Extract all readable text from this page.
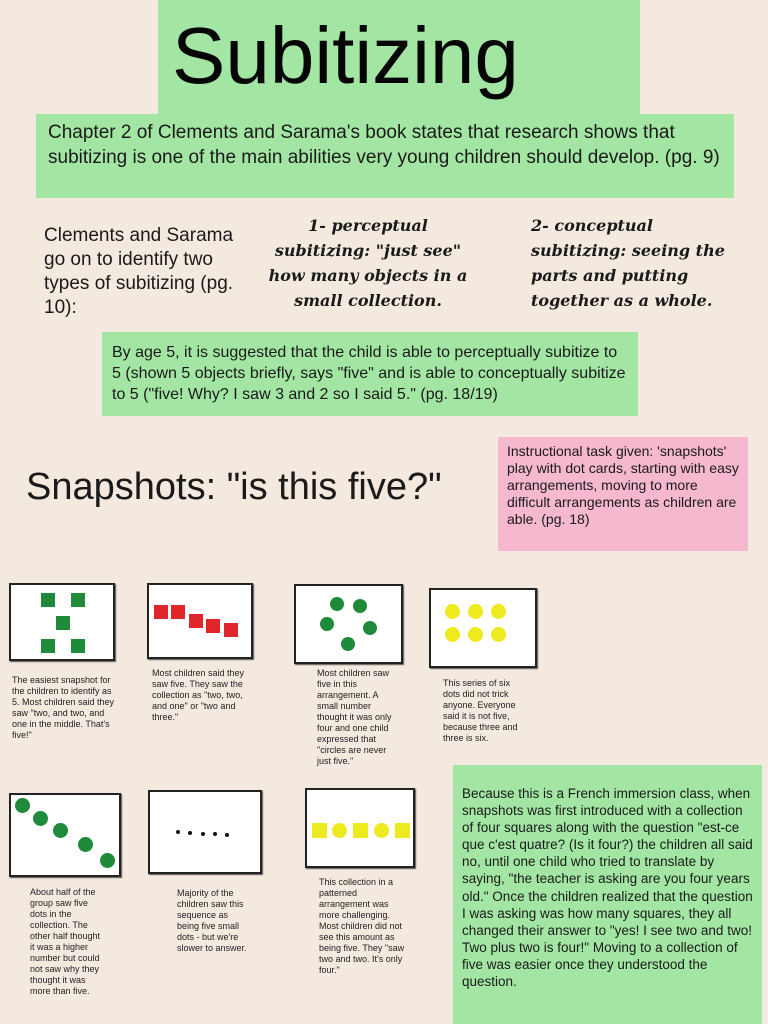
Subitizing
Chapter 2 of Clements and Sarama's book states that research shows that subitizing is one of the main abilities very young children should develop. (pg. 9)
Clements and Sarama go on to identify two types of subitizing (pg. 10):
1- perceptual subitizing: "just see" how many objects in a small collection.
2- conceptual subitizing: seeing the parts and putting together as a whole.
By age 5, it is suggested that the child is able to perceptually subitize to 5 (shown 5 objects briefly, says "five" and is able to conceptually subitize to 5 ("five! Why? I saw 3 and 2 so I said 5." (pg. 18/19)
Snapshots: "is this five?"
Instructional task given: 'snapshots' play with dot cards, starting with easy arrangements, moving to more difficult arrangements as children are able. (pg. 18)
The easiest snapshot for the children to identify as 5. Most children said they saw "two, and two, and one in the middle. That's five!"
Most children said they saw five. They saw the collection as "two, two, and one" or "two and three."
Most children saw five in this arrangement. A small number thought it was only four and one child expressed that "circles are never just five."
This series of six dots did not trick anyone. Everyone said it is not five, because three and three is six.
About half of the group saw five dots in the collection. The other half thought it was a higher number but could not saw why they thought it was more than five.
Majority of the children saw this sequence as being five small dots - but we're slower to answer.
This collection in a patterned arrangement was more challenging. Most children did not see this amount as being five. They "saw two and two. It's only four."
Because this is a French immersion class, when snapshots was first introduced with a collection of four squares along with the question "est-ce que c'est quatre? (Is it four?) the children all said no, until one child who tried to translate by saying, "the teacher is asking are you four years old." Once the children realized that the question I was asking was how many squares, they all changed their answer to "yes! I see two and two! Two plus two is four!" Moving to a collection of five was easier once they understood the question.
